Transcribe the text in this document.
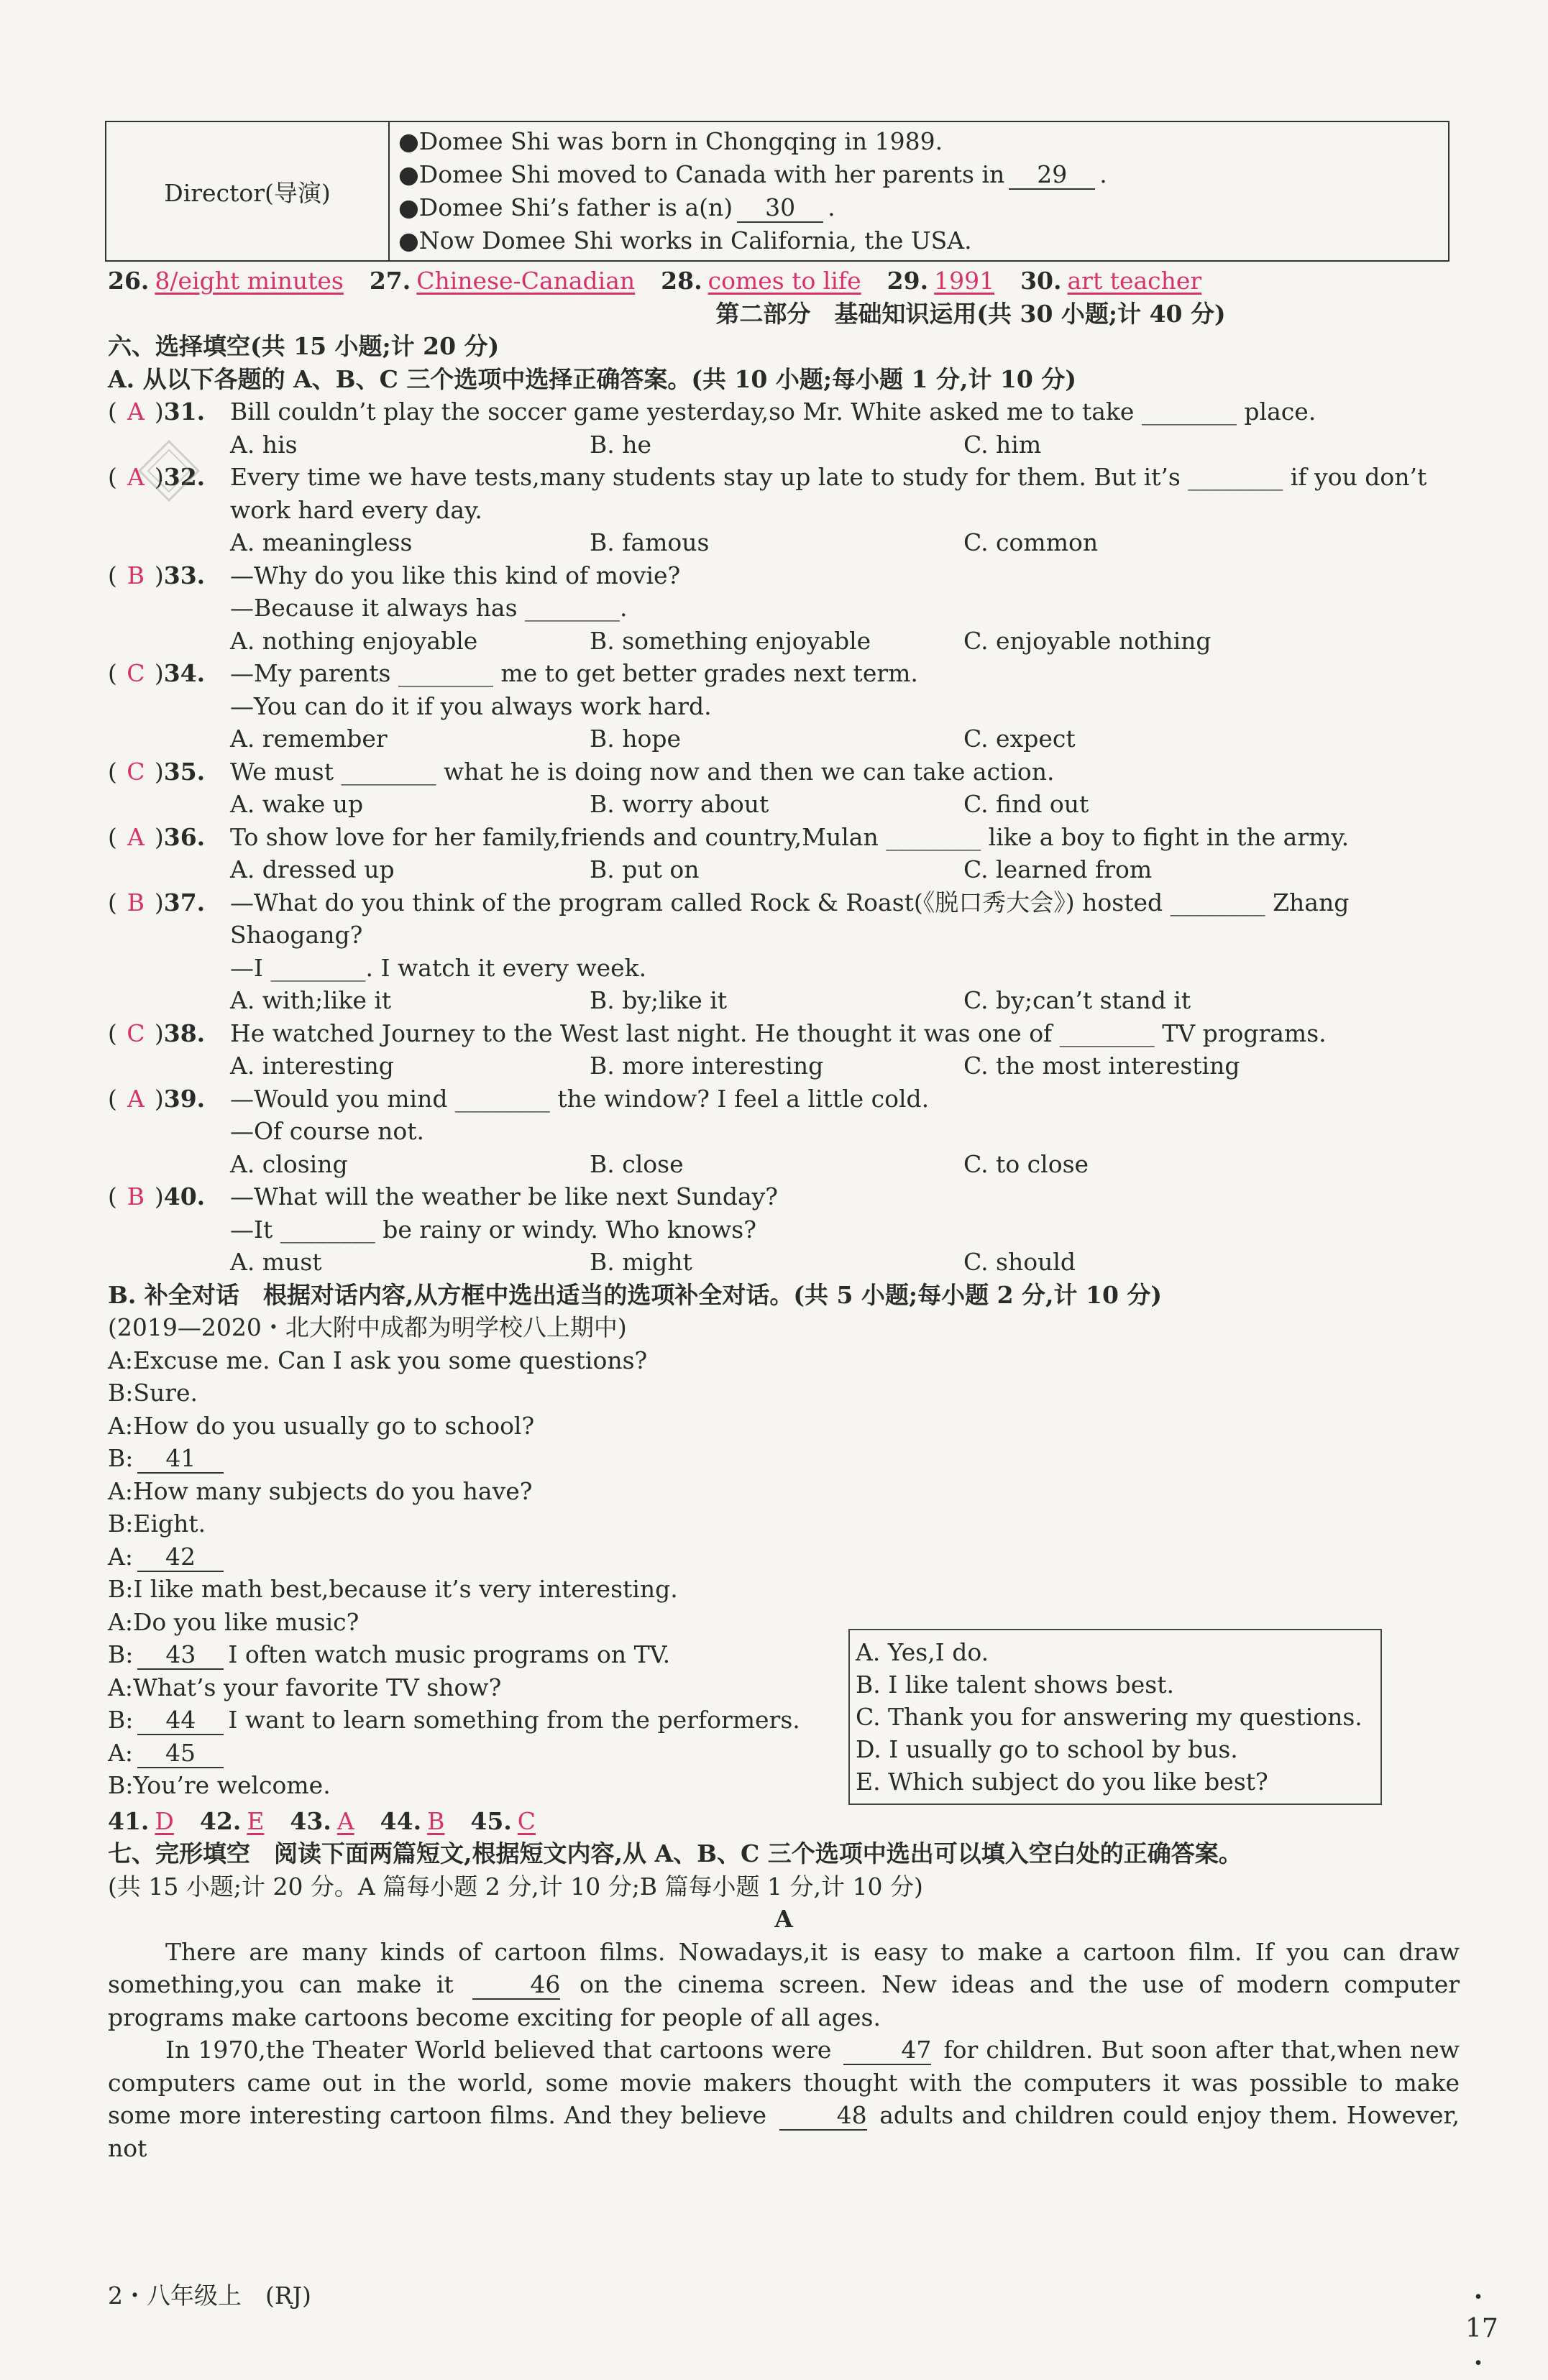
Director(导演)	
●Domee Shi was born in Chongqing in 1989.
●Domee Shi moved to Canada with her parents in 29 .
●Domee Shi’s father is a(n) 30 .
●Now Domee Shi works in California, the USA.
26. 8/eight minutes 27. Chinese-Canadian 28. comes to life 29. 1991 30. art teacher
第二部分　基础知识运用(共 30 小题;计 40 分)
六、选择填空(共 15 小题;计 20 分)
A. 从以下各题的 A、B、C 三个选项中选择正确答案。(共 10 小题;每小题 1 分,计 10 分)
( A )31. Bill couldn’t play the soccer game yesterday,so Mr. White asked me to take ________ place.
A. his	B. he	C. him
( A )32. Every time we have tests,many students stay up late to study for them. But it’s ________ if you don’t
work hard every day.
A. meaningless	B. famous	C. common
( B )33. —Why do you like this kind of movie?
—Because it always has ________.
A. nothing enjoyable	B. something enjoyable	C. enjoyable nothing
( C )34. —My parents ________ me to get better grades next term.
—You can do it if you always work hard.
A. remember	B. hope	C. expect
( C )35. We must ________ what he is doing now and then we can take action.
A. wake up	B. worry about	C. find out
( A )36. To show love for her family,friends and country,Mulan ________ like a boy to fight in the army.
A. dressed up	B. put on	C. learned from
( B )37. —What do you think of the program called Rock & Roast(《脱口秀大会》) hosted ________ Zhang
Shaogang?
—I ________. I watch it every week.
A. with;like it	B. by;like it	C. by;can’t stand it
( C )38. He watched Journey to the West last night. He thought it was one of ________ TV programs.
A. interesting	B. more interesting	C. the most interesting
( A )39. —Would you mind ________ the window? I feel a little cold.
—Of course not.
A. closing	B. close	C. to close
( B )40. —What will the weather be like next Sunday?
—It ________ be rainy or windy. Who knows?
A. must	B. might	C. should
B. 补全对话　根据对话内容,从方框中选出适当的选项补全对话。(共 5 小题;每小题 2 分,计 10 分)
(2019—2020・北大附中成都为明学校八上期中)
A:Excuse me. Can I ask you some questions?
B:Sure.
A:How do you usually go to school?
B: 41
A:How many subjects do you have?
B:Eight.
A: 42
B:I like math best,because it’s very interesting.
A:Do you like music?
B: 43 I often watch music programs on TV.
A:What’s your favorite TV show?
B: 44 I want to learn something from the performers.
A: 45
B:You’re welcome.
41. D 42. E 43. A 44. B 45. C
七、完形填空　阅读下面两篇短文,根据短文内容,从 A、B、C 三个选项中选出可以填入空白处的正确答案。
(共 15 小题;计 20 分。A 篇每小题 2 分,计 10 分;B 篇每小题 1 分,计 10 分)
A
There are many kinds of cartoon films. Nowadays,it is easy to make a cartoon film. If you can draw something,you can make it	46 on the cinema screen. New ideas and the use of modern computer programs make cartoons become exciting for people of all ages.
In 1970,the Theater World believed that cartoons were	47 for children. But soon after that,when new computers came out in the world, some movie makers thought with the computers it was possible to make some more interesting cartoon films. And they believe	48 adults and children could enjoy them. However, not
A. Yes,I do.
B. I like talent shows best.
C. Thank you for answering my questions.
D. I usually go to school by bus.
E. Which subject do you like best?
2・八年级上　(RJ)	・ 17 ・
